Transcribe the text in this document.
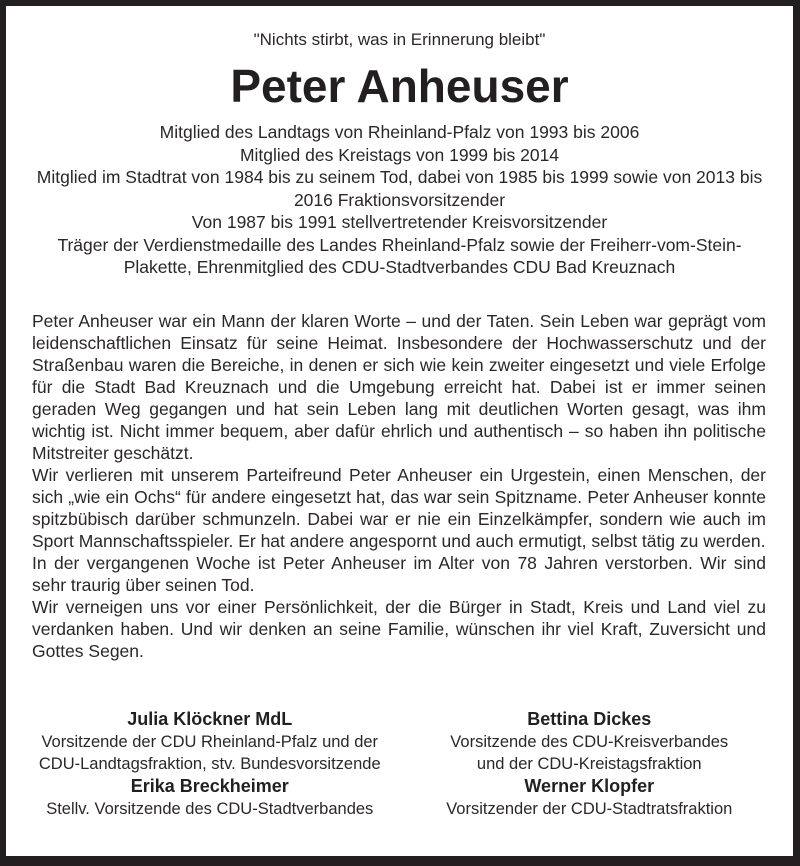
"Nichts stirbt, was in Erinnerung bleibt"
Peter Anheuser
Mitglied des Landtags von Rheinland-Pfalz von 1993 bis 2006
Mitglied des Kreistags von 1999 bis 2014
Mitglied im Stadtrat von 1984 bis zu seinem Tod, dabei von 1985 bis 1999 sowie von 2013 bis 2016 Fraktionsvorsitzender
Von 1987 bis 1991 stellvertretender Kreisvorsitzender
Träger der Verdienstmedaille des Landes Rheinland-Pfalz sowie der Freiherr-vom-Stein-Plakette, Ehrenmitglied des CDU-Stadtverbandes CDU Bad Kreuznach

Peter Anheuser war ein Mann der klaren Worte – und der Taten. Sein Leben war geprägt vom leidenschaftlichen Einsatz für seine Heimat. Insbesondere der Hochwasserschutz und der Straßenbau waren die Bereiche, in denen er sich wie kein zweiter eingesetzt und viele Erfolge für die Stadt Bad Kreuznach und die Umgebung erreicht hat. Dabei ist er immer seinen geraden Weg gegangen und hat sein Leben lang mit deutlichen Worten gesagt, was ihm wichtig ist. Nicht immer bequem, aber dafür ehrlich und authentisch – so haben ihn politische Mitstreiter geschätzt.

Wir verlieren mit unserem Parteifreund Peter Anheuser ein Urgestein, einen Menschen, der sich „wie ein Ochs“ für andere eingesetzt hat, das war sein Spitzname. Peter Anheuser konnte spitzbübisch darüber schmunzeln. Dabei war er nie ein Einzelkämpfer, sondern wie auch im Sport Mannschaftsspieler. Er hat andere angespornt und auch ermutigt, selbst tätig zu werden.

In der vergangenen Woche ist Peter Anheuser im Alter von 78 Jahren verstorben. Wir sind sehr traurig über seinen Tod.

Wir verneigen uns vor einer Persönlichkeit, der die Bürger in Stadt, Kreis und Land viel zu verdanken haben. Und wir denken an seine Familie, wünschen ihr viel Kraft, Zuversicht und Gottes Segen.

Julia Klöckner MdL
Vorsitzende der CDU Rheinland-Pfalz und der
CDU-Landtagsfraktion, stv. Bundesvorsitzende
Erika Breckheimer
Stellv. Vorsitzende des CDU-Stadtverbandes
Bettina Dickes
Vorsitzende des CDU-Kreisverbandes
und der CDU-Kreistagsfraktion
Werner Klopfer
Vorsitzender der CDU-Stadtratsfraktion
